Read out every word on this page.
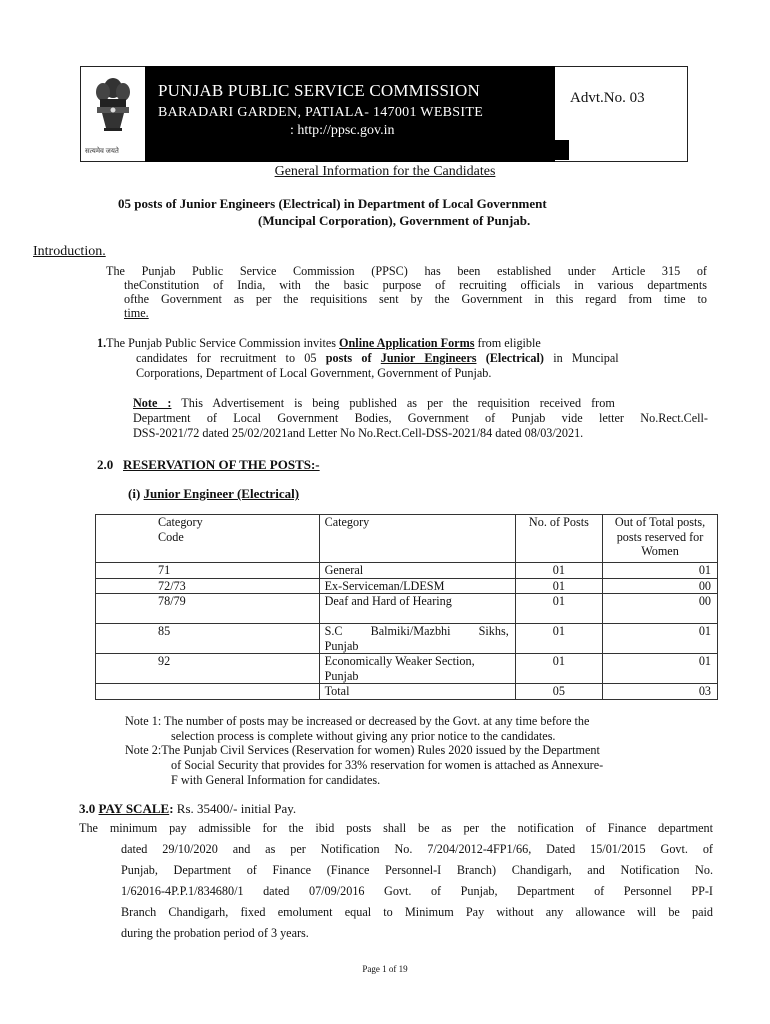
सत्यमेव जयते
PUNJAB PUBLIC SERVICE COMMISSION
BARADARI GARDEN, PATIALA- 147001 WEBSITE
: http://ppsc.gov.in
Advt.No. 03
General Information for the Candidates
05 posts of Junior Engineers (Electrical) in Department of Local Government
(Muncipal Corporation), Government of Punjab.
Introduction.
The Punjab Public Service Commission (PPSC) has been established under Article 315 of
theConstitution of India, with the basic purpose of recruiting officials in various departments
ofthe Government as per the requisitions sent by the Government in this regard from time to
time.
1.The Punjab Public Service Commission invites Online Application Forms from eligible
candidates for recruitment to 05 posts of Junior Engineers (Electrical) in Muncipal
Corporations, Department of Local Government, Government of Punjab.
Note : This Advertisement is being published as per the requisition received from
Department of Local Government Bodies, Government of Punjab vide letter No.Rect.Cell-
DSS-2021/72 dated 25/02/2021and Letter No No.Rect.Cell-DSS-2021/84 dated 08/03/2021.
2.0 RESERVATION OF THE POSTS:-
(i) Junior Engineer (Electrical)
Category
Code	Category	No. of Posts	Out of Total posts,
posts reserved for
Women

71	General	01	01
72/73	Ex-Serviceman/LDESM	01	00
78/79	Deaf and Hard of Hearing	01	00
85	S.C Balmiki/Mazbhi Sikhs,
Punjab	01	01
92	Economically Weaker Section,
Punjab	01	01
	Total	05	03
Note 1: The number of posts may be increased or decreased by the Govt. at any time before the
selection process is complete without giving any prior notice to the candidates.
Note 2:The Punjab Civil Services (Reservation for women) Rules 2020 issued by the Department
of Social Security that provides for 33% reservation for women is attached as Annexure-
F with General Information for candidates.
3.0 PAY SCALE: Rs. 35400/- initial Pay.
The minimum pay admissible for the ibid posts shall be as per the notification of Finance department
dated 29/10/2020 and as per Notification No. 7/204/2012-4FP1/66, Dated 15/01/2015 Govt. of
Punjab, Department of Finance (Finance Personnel-I Branch) Chandigarh, and Notification No.
1/62016-4P.P.1/834680/1 dated 07/09/2016 Govt. of Punjab, Department of Personnel PP-I
Branch Chandigarh, fixed emolument equal to Minimum Pay without any allowance will be paid
during the probation period of 3 years.
Page 1 of 19
